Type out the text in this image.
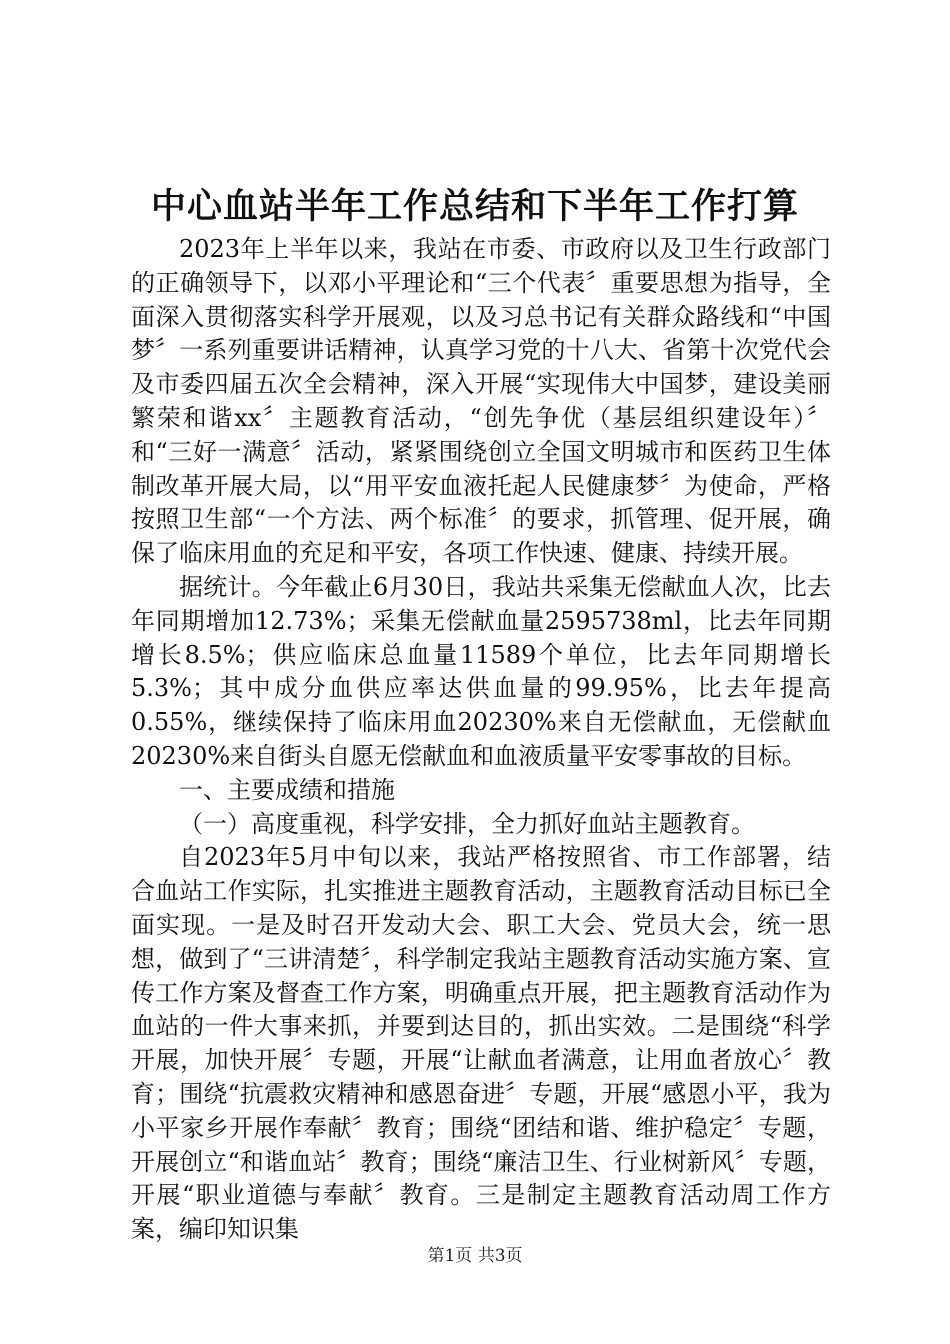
中心血站半年工作总结和下半年工作打算

2023年上半年以来，我站在市委、市政府以及卫生行政部门的正确领导下，以邓小平理论和“三个代表〞重要思想为指导，全面深入贯彻落实科学开展观，以及习总书记有关群众路线和“中国梦〞一系列重要讲话精神，认真学习党的十八大、省第十次党代会及市委四届五次全会精神，深入开展“实现伟大中国梦，建设美丽繁荣和谐xx〞主题教育活动，“创先争优（基层组织建设年）〞和“三好一满意〞活动，紧紧围绕创立全国文明城市和医药卫生体制改革开展大局，以“用平安血液托起人民健康梦〞为使命，严格按照卫生部“一个方法、两个标准〞的要求，抓管理、促开展，确保了临床用血的充足和平安，各项工作快速、健康、持续开展。

据统计。今年截止6月30日，我站共采集无偿献血人次，比去年同期增加12.73%；采集无偿献血量2595738ml，比去年同期增长8.5%；供应临床总血量11589个单位，比去年同期增长5.3%；其中成分血供应率达供血量的99.95%，比去年提高0.55%，继续保持了临床用血20230%来自无偿献血，无偿献血20230%来自街头自愿无偿献血和血液质量平安零事故的目标。

一、主要成绩和措施

（一）高度重视，科学安排，全力抓好血站主题教育。

自2023年5月中旬以来，我站严格按照省、市工作部署，结合血站工作实际，扎实推进主题教育活动，主题教育活动目标已全面实现。一是及时召开发动大会、职工大会、党员大会，统一思想，做到了“三讲清楚〞，科学制定我站主题教育活动实施方案、宣传工作方案及督查工作方案，明确重点开展，把主题教育活动作为血站的一件大事来抓，并要到达目的，抓出实效。二是围绕“科学开展，加快开展〞专题，开展“让献血者满意，让用血者放心〞教育；围绕“抗震救灾精神和感恩奋进〞专题，开展“感恩小平，我为小平家乡开展作奉献〞教育；围绕“团结和谐、维护稳定〞专题，开展创立“和谐血站〞教育；围绕“廉洁卫生、行业树新风〞专题，开展“职业道德与奉献〞教育。三是制定主题教育活动周工作方案，编印知识集

第1页 共3页
